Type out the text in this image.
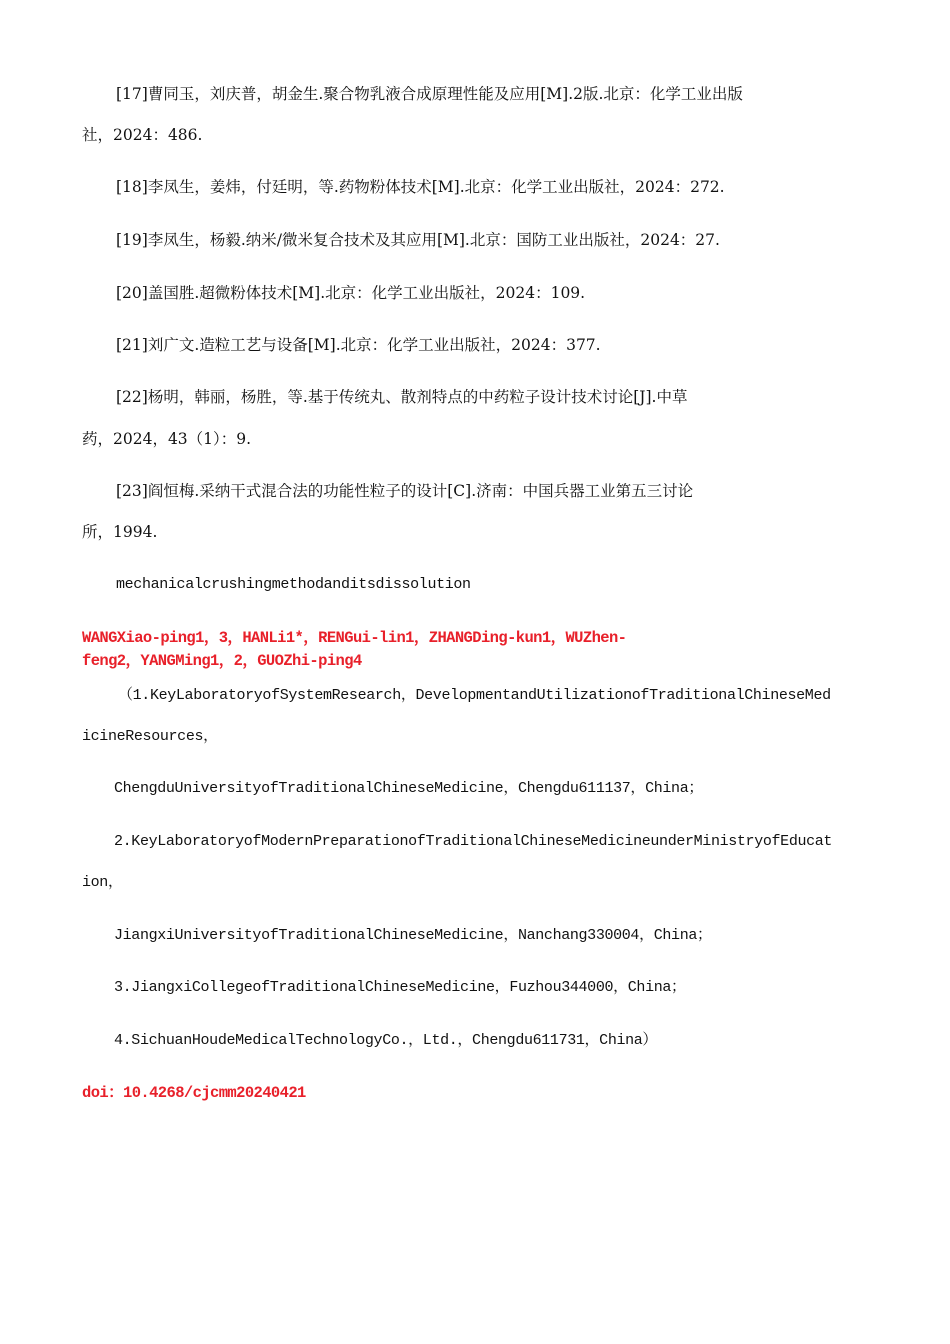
[17]曹同玉，刘庆普，胡金生.聚合物乳液合成原理性能及应用[M].2版.北京：化学工业出版
社，2024：486.
[18]李凤生，姜炜，付廷明，等.药物粉体技术[M].北京：化学工业出版社，2024：272.
[19]李凤生，杨毅.纳米/微米复合技术及其应用[M].北京：国防工业出版社，2024：27.
[20]盖国胜.超微粉体技术[M].北京：化学工业出版社，2024：109.
[21]刘广文.造粒工艺与设备[M].北京：化学工业出版社，2024：377.
[22]杨明，韩丽，杨胜，等.基于传统丸、散剂特点的中药粒子设计技术讨论[J].中草
药，2024，43（1）：9.
[23]阎恒梅.采纳干式混合法的功能性粒子的设计[C].济南：中国兵器工业第五三讨论
所，1994.
mechanicalcrushingmethodanditsdissolution
WANGXiao-ping1，3，HANLi1*，RENGui-lin1，ZHANGDing-kun1，WUZhen-
feng2，YANGMing1，2，GUOZhi-ping4
（1.KeyLaboratoryofSystemResearch，DevelopmentandUtilizationofTraditionalChineseMed
icineResources，
ChengduUniversityofTraditionalChineseMedicine，Chengdu611137，China；
2.KeyLaboratoryofModernPreparationofTraditionalChineseMedicineunderMinistryofEducat
ion，
JiangxiUniversityofTraditionalChineseMedicine，Nanchang330004，China；
3.JiangxiCollegeofTraditionalChineseMedicine，Fuzhou344000，China；
4.SichuanHoudeMedicalTechnologyCo.，Ltd.，Chengdu611731，China）
doi：10.4268/cjcmm20240421
